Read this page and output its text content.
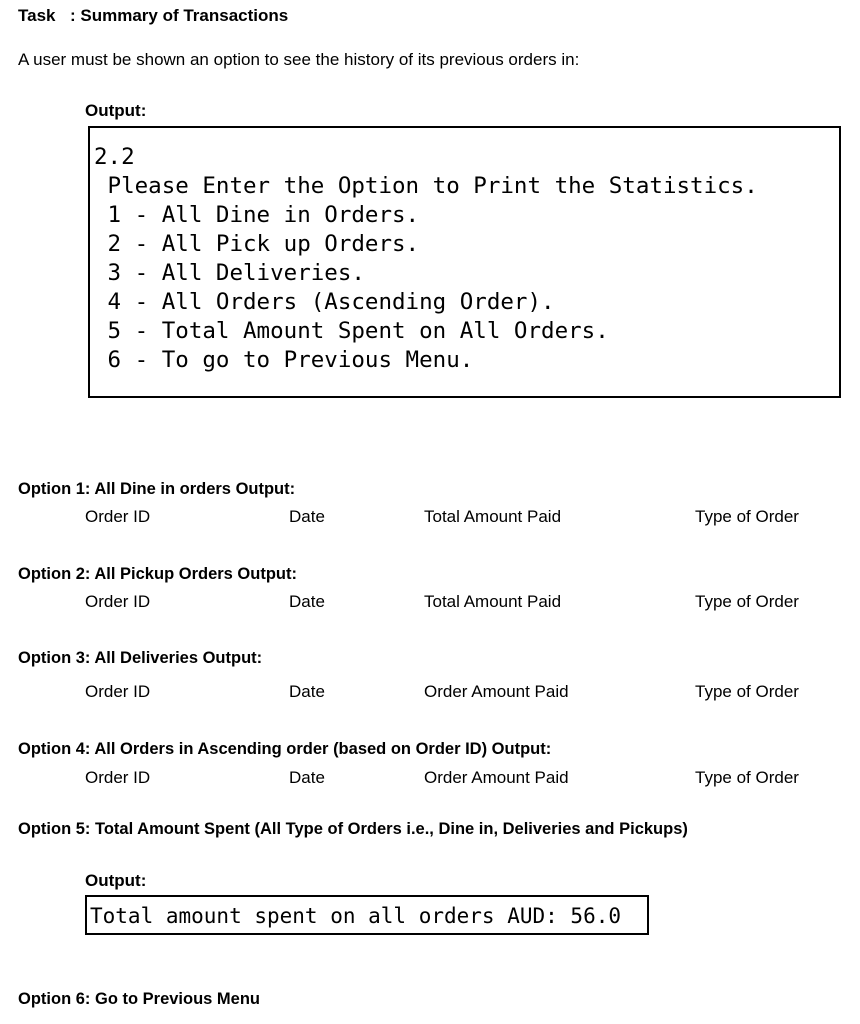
Task : Summary of Transactions
A user must be shown an option to see the history of its previous orders in:
Output:
2.2
Please Enter the Option to Print the Statistics.
1 - All Dine in Orders.
2 - All Pick up Orders.
3 - All Deliveries.
4 - All Orders (Ascending Order).
5 - Total Amount Spent on All Orders.
6 - To go to Previous Menu.
Option 1: All Dine in orders Output:
Order ID	Date	Total Amount Paid	Type of Order
Option 2: All Pickup Orders Output:
Order ID	Date	Total Amount Paid	Type of Order
Option 3: All Deliveries Output:
Order ID	Date	Order Amount Paid	Type of Order
Option 4: All Orders in Ascending order (based on Order ID) Output:
Order ID	Date	Order Amount Paid	Type of Order
Option 5: Total Amount Spent (All Type of Orders i.e., Dine in, Deliveries and Pickups)
Output:
Total amount spent on all orders AUD: 56.0
Option 6: Go to Previous Menu
